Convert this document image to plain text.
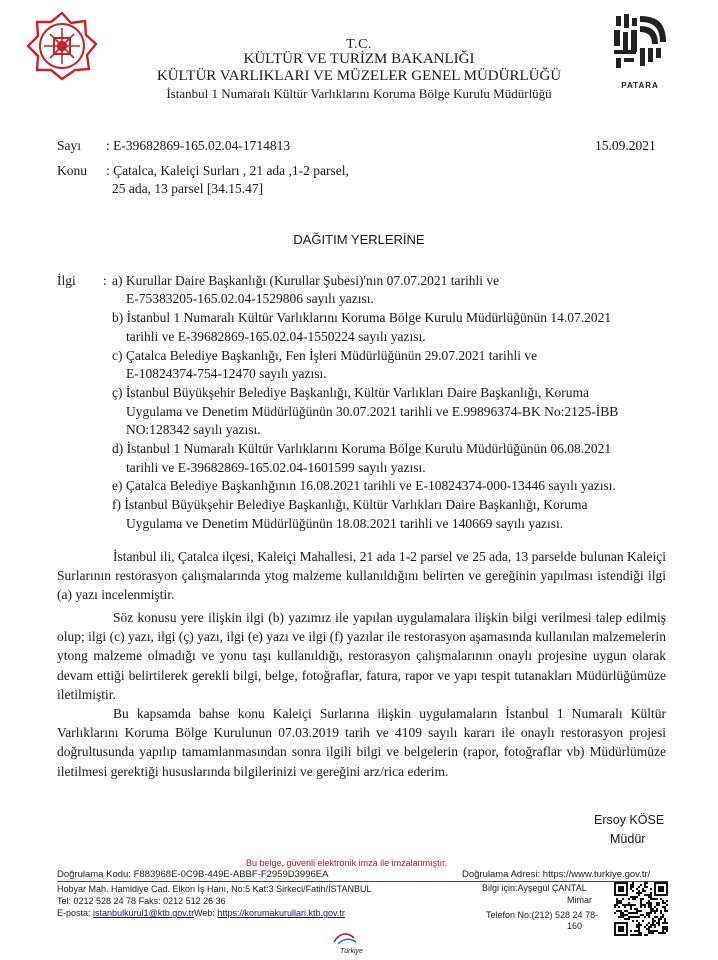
PATARA
T.C.
KÜLTÜR VE TURİZM BAKANLIĞI
KÜLTÜR VARLIKLARI VE MÜZELER GENEL MÜDÜRLÜĞÜ
İstanbul 1 Numaralı Kültür Varlıklarını Koruma Bölge Kurulu Müdürlüğü
Sayı : E-39682869-165.02.04-1714813	15.09.2021
Konu : Çatalca, Kaleiçi Surları , 21 ada ,1-2 parsel,
25 ada, 13 parsel [34.15.47]
DAĞITIM YERLERİNE
İlgi : a) Kurullar Daire Başkanlığı (Kurullar Şubesi)'nın 07.07.2021 tarihli ve
E-75383205-165.02.04-1529806 sayılı yazısı.
b) İstanbul 1 Numaralı Kültür Varlıklarını Koruma Bölge Kurulu Müdürlüğünün 14.07.2021
tarihli ve E-39682869-165.02.04-1550224 sayılı yazısı.
c) Çatalca Belediye Başkanlığı, Fen İşleri Müdürlüğünün 29.07.2021 tarihli ve
E-10824374-754-12470 sayılı yazısı.
ç) İstanbul Büyükşehir Belediye Başkanlığı, Kültür Varlıkları Daire Başkanlığı, Koruma
Uygulama ve Denetim Müdürlüğünün 30.07.2021 tarihli ve E.99896374-BK No:2125-İBB
NO:128342 sayılı yazısı.
d) İstanbul 1 Numaralı Kültür Varlıklarını Koruma Bölge Kurulu Müdürlüğünün 06.08.2021
tarihli ve E-39682869-165.02.04-1601599 sayılı yazısı.
e) Çatalca Belediye Başkanlığının 16.08.2021 tarihli ve E-10824374-000-13446 sayılı yazısı.
f) İstanbul Büyükşehir Belediye Başkanlığı, Kültür Varlıkları Daire Başkanlığı, Koruma
Uygulama ve Denetim Müdürlüğünün 18.08.2021 tarihli ve 140669 sayılı yazısı.

İstanbul ili, Çatalca ilçesi, Kaleiçi Mahallesi, 21 ada 1-2 parsel ve 25 ada, 13 parselde bulunan Kaleiçi Surlarının restorasyon çalışmalarında ytog malzeme kullanıldığını belirten ve gereğinin yapılması istendiği ilgi (a) yazı incelenmiştir.

Söz konusu yere ilişkin ilgi (b) yazımız ile yapılan uygulamalara ilişkin bilgi verilmesi talep edilmiş olup; ilgi (c) yazı, ilgi (ç) yazı, ilgi (e) yazı ve ilgi (f) yazılar ile restorasyon aşamasında kullanılan malzemelerin ytong malzeme olmadığı ve yonu taşı kullanıldığı, restorasyon çalışmalarının onaylı projesine uygun olarak devam ettiği belirtilerek gerekli bilgi, belge, fotoğraflar, fatura, rapor ve yapı tespit tutanakları Müdürlüğümüze iletilmiştir.

Bu kapsamda bahse konu Kaleiçi Surlarına ilişkin uygulamaların İstanbul 1 Numaralı Kültür Varlıklarını Koruma Bölge Kurulunun 07.03.2019 tarih ve 4109 sayılı kararı ile onaylı restorasyon projesi doğrultusunda yapılıp tamamlanmasından sonra ilgili bilgi ve belgelerin (rapor, fotoğraflar vb) Müdürlümüze iletilmesi gerektiği hususlarında bilgilerinizi ve gereğini arz/rica ederim.

Ersoy KÖSE
Müdür
Bu belge, güvenli elektronik imza ile imzalanmıştır.
Doğrulama Kodu: F883968E-0C9B-449E-ABBF-F2959D3996EA	Doğrulama Adresi: https://www.turkiye.gov.tr/
Hobyar Mah. Hamidiye Cad. Elkon İş Hanı, No:5 Kat:3 Sirkeci/Fatih/İSTANBUL
Tel: 0212 528 24 78 Faks: 0212 512 26 36
E-posta: istanbulkurul1@ktb.gov.trWeb: https://korumakurullari.ktb.gov.tr
Bilgi için:Ayşegül ÇANTAL
Mimar
Telefon No:(212) 528 24 78-
160
Türkiye
